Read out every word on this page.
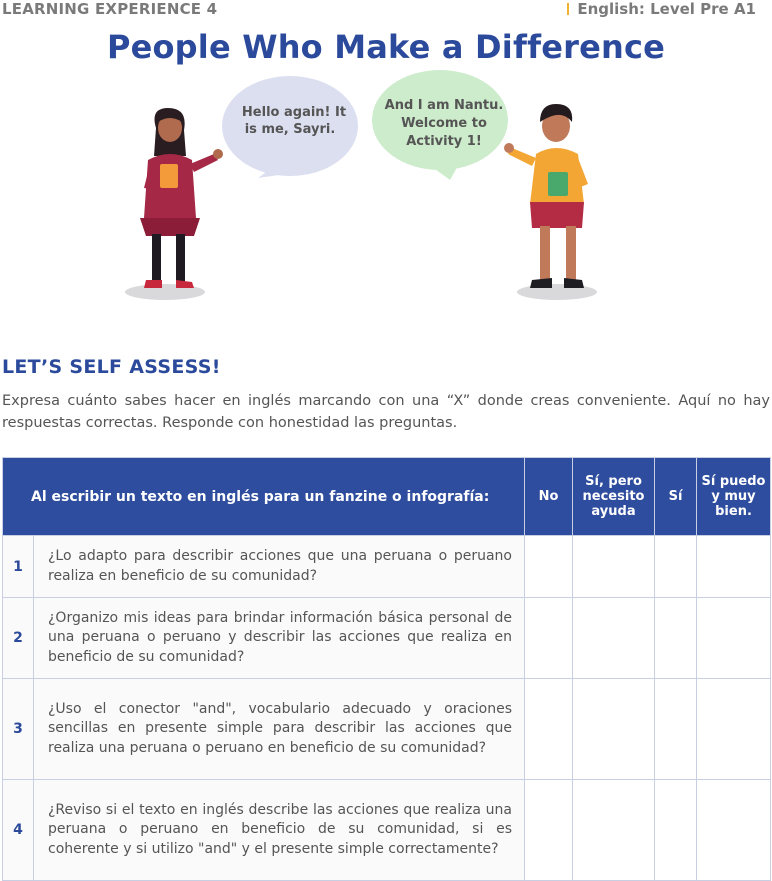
LEARNING EXPERIENCE 4	English: Level Pre A1
People Who Make a Difference
Hello again! It
is me, Sayri.
And I am Nantu.
Welcome to
Activity 1!
LET’S SELF ASSESS!
Expresa cuánto sabes hacer en inglés marcando con una “X” donde creas conveniente. Aquí no hay respuestas correctas. Responde con honestidad las preguntas.
Al escribir un texto en inglés para un fanzine o infografía:		No	Sí, pero necesito ayuda	Sí	Sí puedo y muy bien.
1	¿Lo adapto para describir acciones que una peruana o peruano realiza en beneficio de su comunidad?				
2	¿Organizo mis ideas para brindar información básica personal de una peruana o peruano y describir las acciones que realiza en beneficio de su comunidad?				
3	¿Uso el conector "and", vocabulario adecuado y oraciones sencillas en presente simple para describir las acciones que realiza una peruana o peruano en beneficio de su comunidad?				
4	¿Reviso si el texto en inglés describe las acciones que realiza una peruana o peruano en beneficio de su comunidad, si es coherente y si utilizo "and" y el presente simple correctamente?				
